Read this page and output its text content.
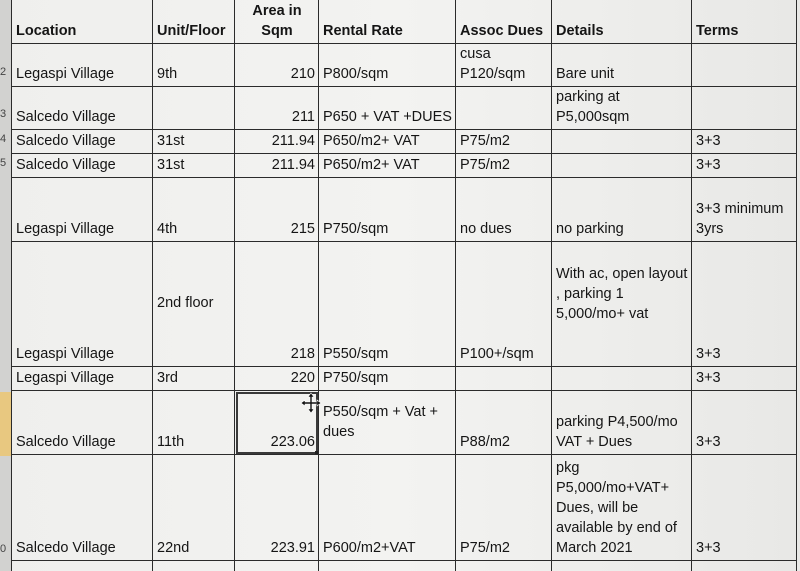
2
3
4
5
0
Location	Unit/Floor	Area in Sqm	Rental Rate	Assoc Dues	Details	Terms
Legaspi Village	9th	210	P800/sqm	cusa P120/sqm	Bare unit	
Salcedo Village		211	P650 + VAT +DUES		parking at P5,000sqm	
Salcedo Village	31st	211.94	P650/m2+ VAT	P75/m2		3+3
Salcedo Village	31st	211.94	P650/m2+ VAT	P75/m2		3+3
Legaspi Village	4th	215	P750/sqm	no dues	no parking	3+3 minimum 3yrs
Legaspi Village	2nd floor	218	P550/sqm	P100+/sqm	With ac, open layout , parking 1 5,000/mo+ vat	3+3
Legaspi Village	3rd	220	P750/sqm			3+3
Salcedo Village	11th	223.06	P550/sqm + Vat + dues	P88/m2	parking P4,500/mo VAT + Dues	3+3
Salcedo Village	22nd	223.91	P600/m2+VAT	P75/m2	pkg P5,000/mo+VAT+ Dues, will be available by end of March 2021	3+3
